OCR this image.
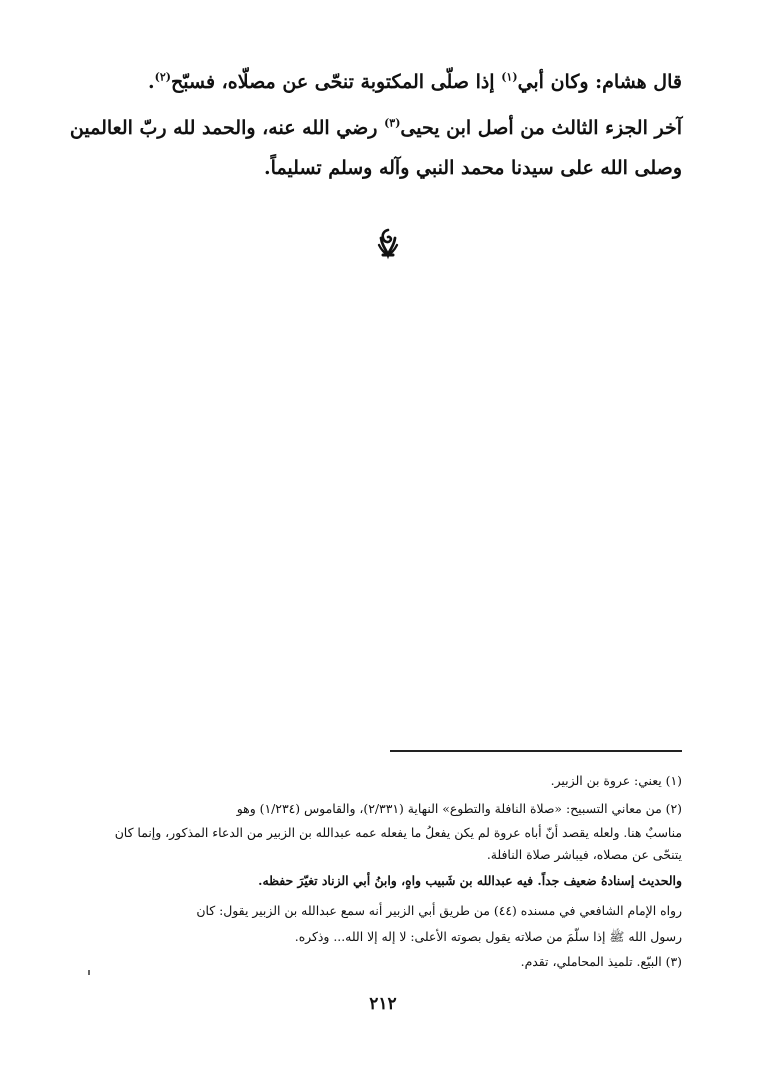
قال هشام: وكان أبي$^{(١)}$ إذا صلّى المكتوبة تنحّى عن مصلّاه، فسبّح$^{(٢)}$.

آخر الجزء الثالث من أصل ابن يحيى$^{(٣)}$ رضي الله عنه، والحمد لله ربّ العالمين

وصلى الله على سيدنا محمد النبي وآله وسلم تسليماً.

(١) يعني: عروة بن الزبير.

(٢) من معاني التسبيح: «صلاة النافلة والتطوع» النهاية (٢/٣٣١)، والقاموس (١/٢٣٤) وهو

مناسبٌ هنا. ولعله يقصد أنّ أباه عروة لم يكن يفعلُ ما يفعله عمه عبدالله بن الزبير من الدعاء المذكور، وإنما كان

يتنحّى عن مصلاه، فيباشر صلاة النافلة.

والحديث إسنادهُ ضعيف جداً. فيه عبدالله بن شَبيب واهٍ، وابنُ أبي الزناد تغيّرَ حفظه.

رواه الإمام الشافعي في مسنده (٤٤) من طريق أبي الزبير أنه سمع عبدالله بن الزبير يقول: كان

رسول الله ﷺ إذا سلّمَ من صلاته يقول بصوته الأعلى: لا إله إلا الله... وذكره.

(٣) البيّع. تلميذ المحاملي، تقدم.

٢١٢
